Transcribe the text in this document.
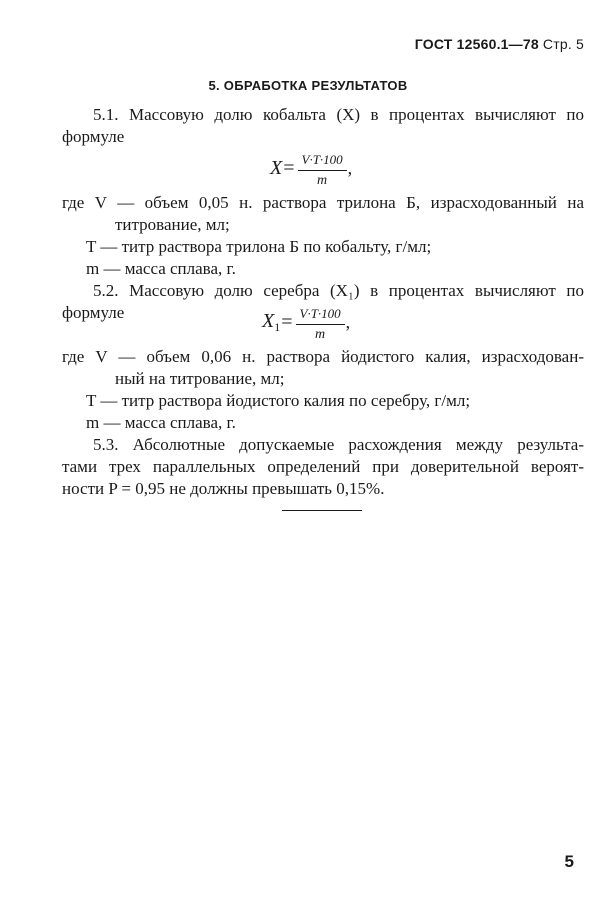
ГОСТ 12560.1—78 Стр. 5
5. ОБРАБОТКА РЕЗУЛЬТАТОВ
5.1. Массовую долю кобальта (X) в процентах вычисляют по
формуле
$X = \frac{V\cdot T\cdot 100}{m}$ ,
где V — объем 0,05 н. раствора трилона Б, израсходованный на
титрование, мл;
T — титр раствора трилона Б по кобальту, г/мл;
m — масса сплава, г.
5.2. Массовую долю серебра (X₁) в процентах вычисляют по
формуле	$X_1 = \frac{V\cdot T\cdot 100}{m}$ ,
где V — объем 0,06 н. раствора йодистого калия, израсходован-
ный на титрование, мл;
T — титр раствора йодистого калия по серебру, г/мл;
m — масса сплава, г.
5.3. Абсолютные допускаемые расхождения между результа-
тами трех параллельных определений при доверительной вероят-
ности P = 0,95 не должны превышать 0,15%.
5
